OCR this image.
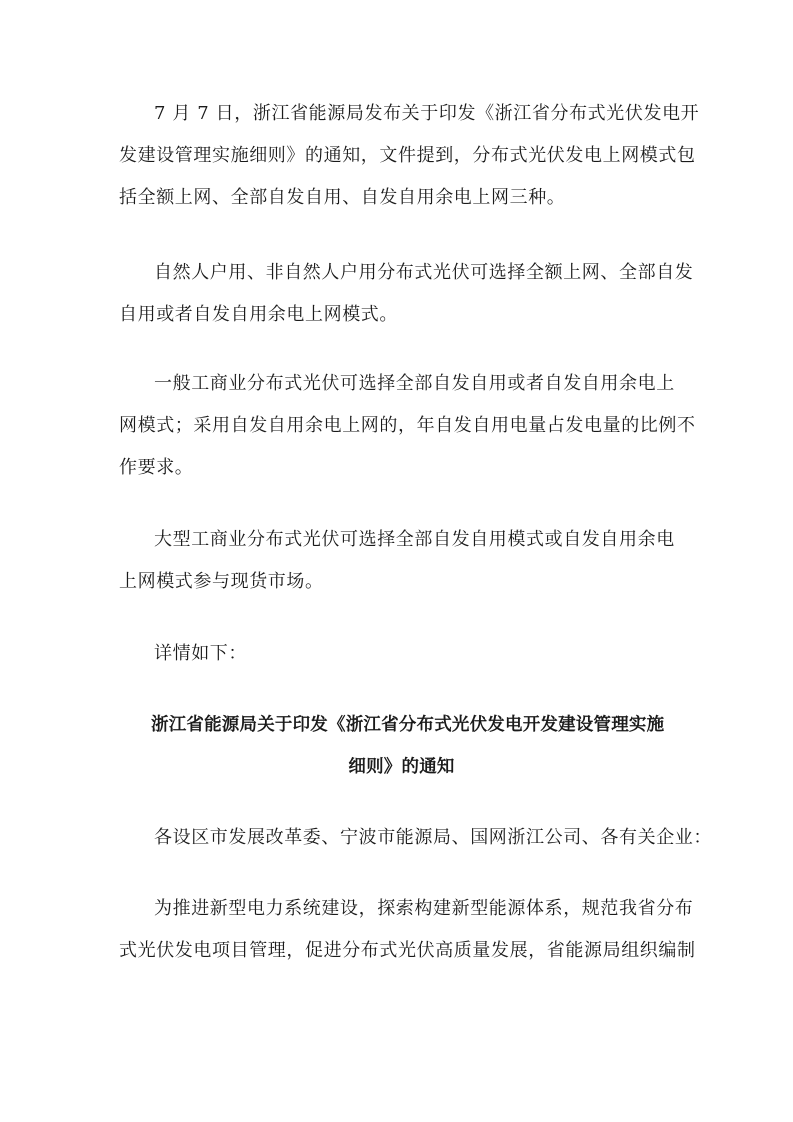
7 月 7 日，浙江省能源局发布关于印发《浙江省分布式光伏发电开
发建设管理实施细则》的通知，文件提到，分布式光伏发电上网模式包
括全额上网、全部自发自用、自发自用余电上网三种。
自然人户用、非自然人户用分布式光伏可选择全额上网、全部自发
自用或者自发自用余电上网模式。
一般工商业分布式光伏可选择全部自发自用或者自发自用余电上
网模式；采用自发自用余电上网的，年自发自用电量占发电量的比例不
作要求。
大型工商业分布式光伏可选择全部自发自用模式或自发自用余电
上网模式参与现货市场。
详情如下：
浙江省能源局关于印发《浙江省分布式光伏发电开发建设管理实施
细则》的通知
各设区市发展改革委、宁波市能源局、国网浙江公司、各有关企业：
为推进新型电力系统建设，探索构建新型能源体系，规范我省分布
式光伏发电项目管理，促进分布式光伏高质量发展，省能源局组织编制
